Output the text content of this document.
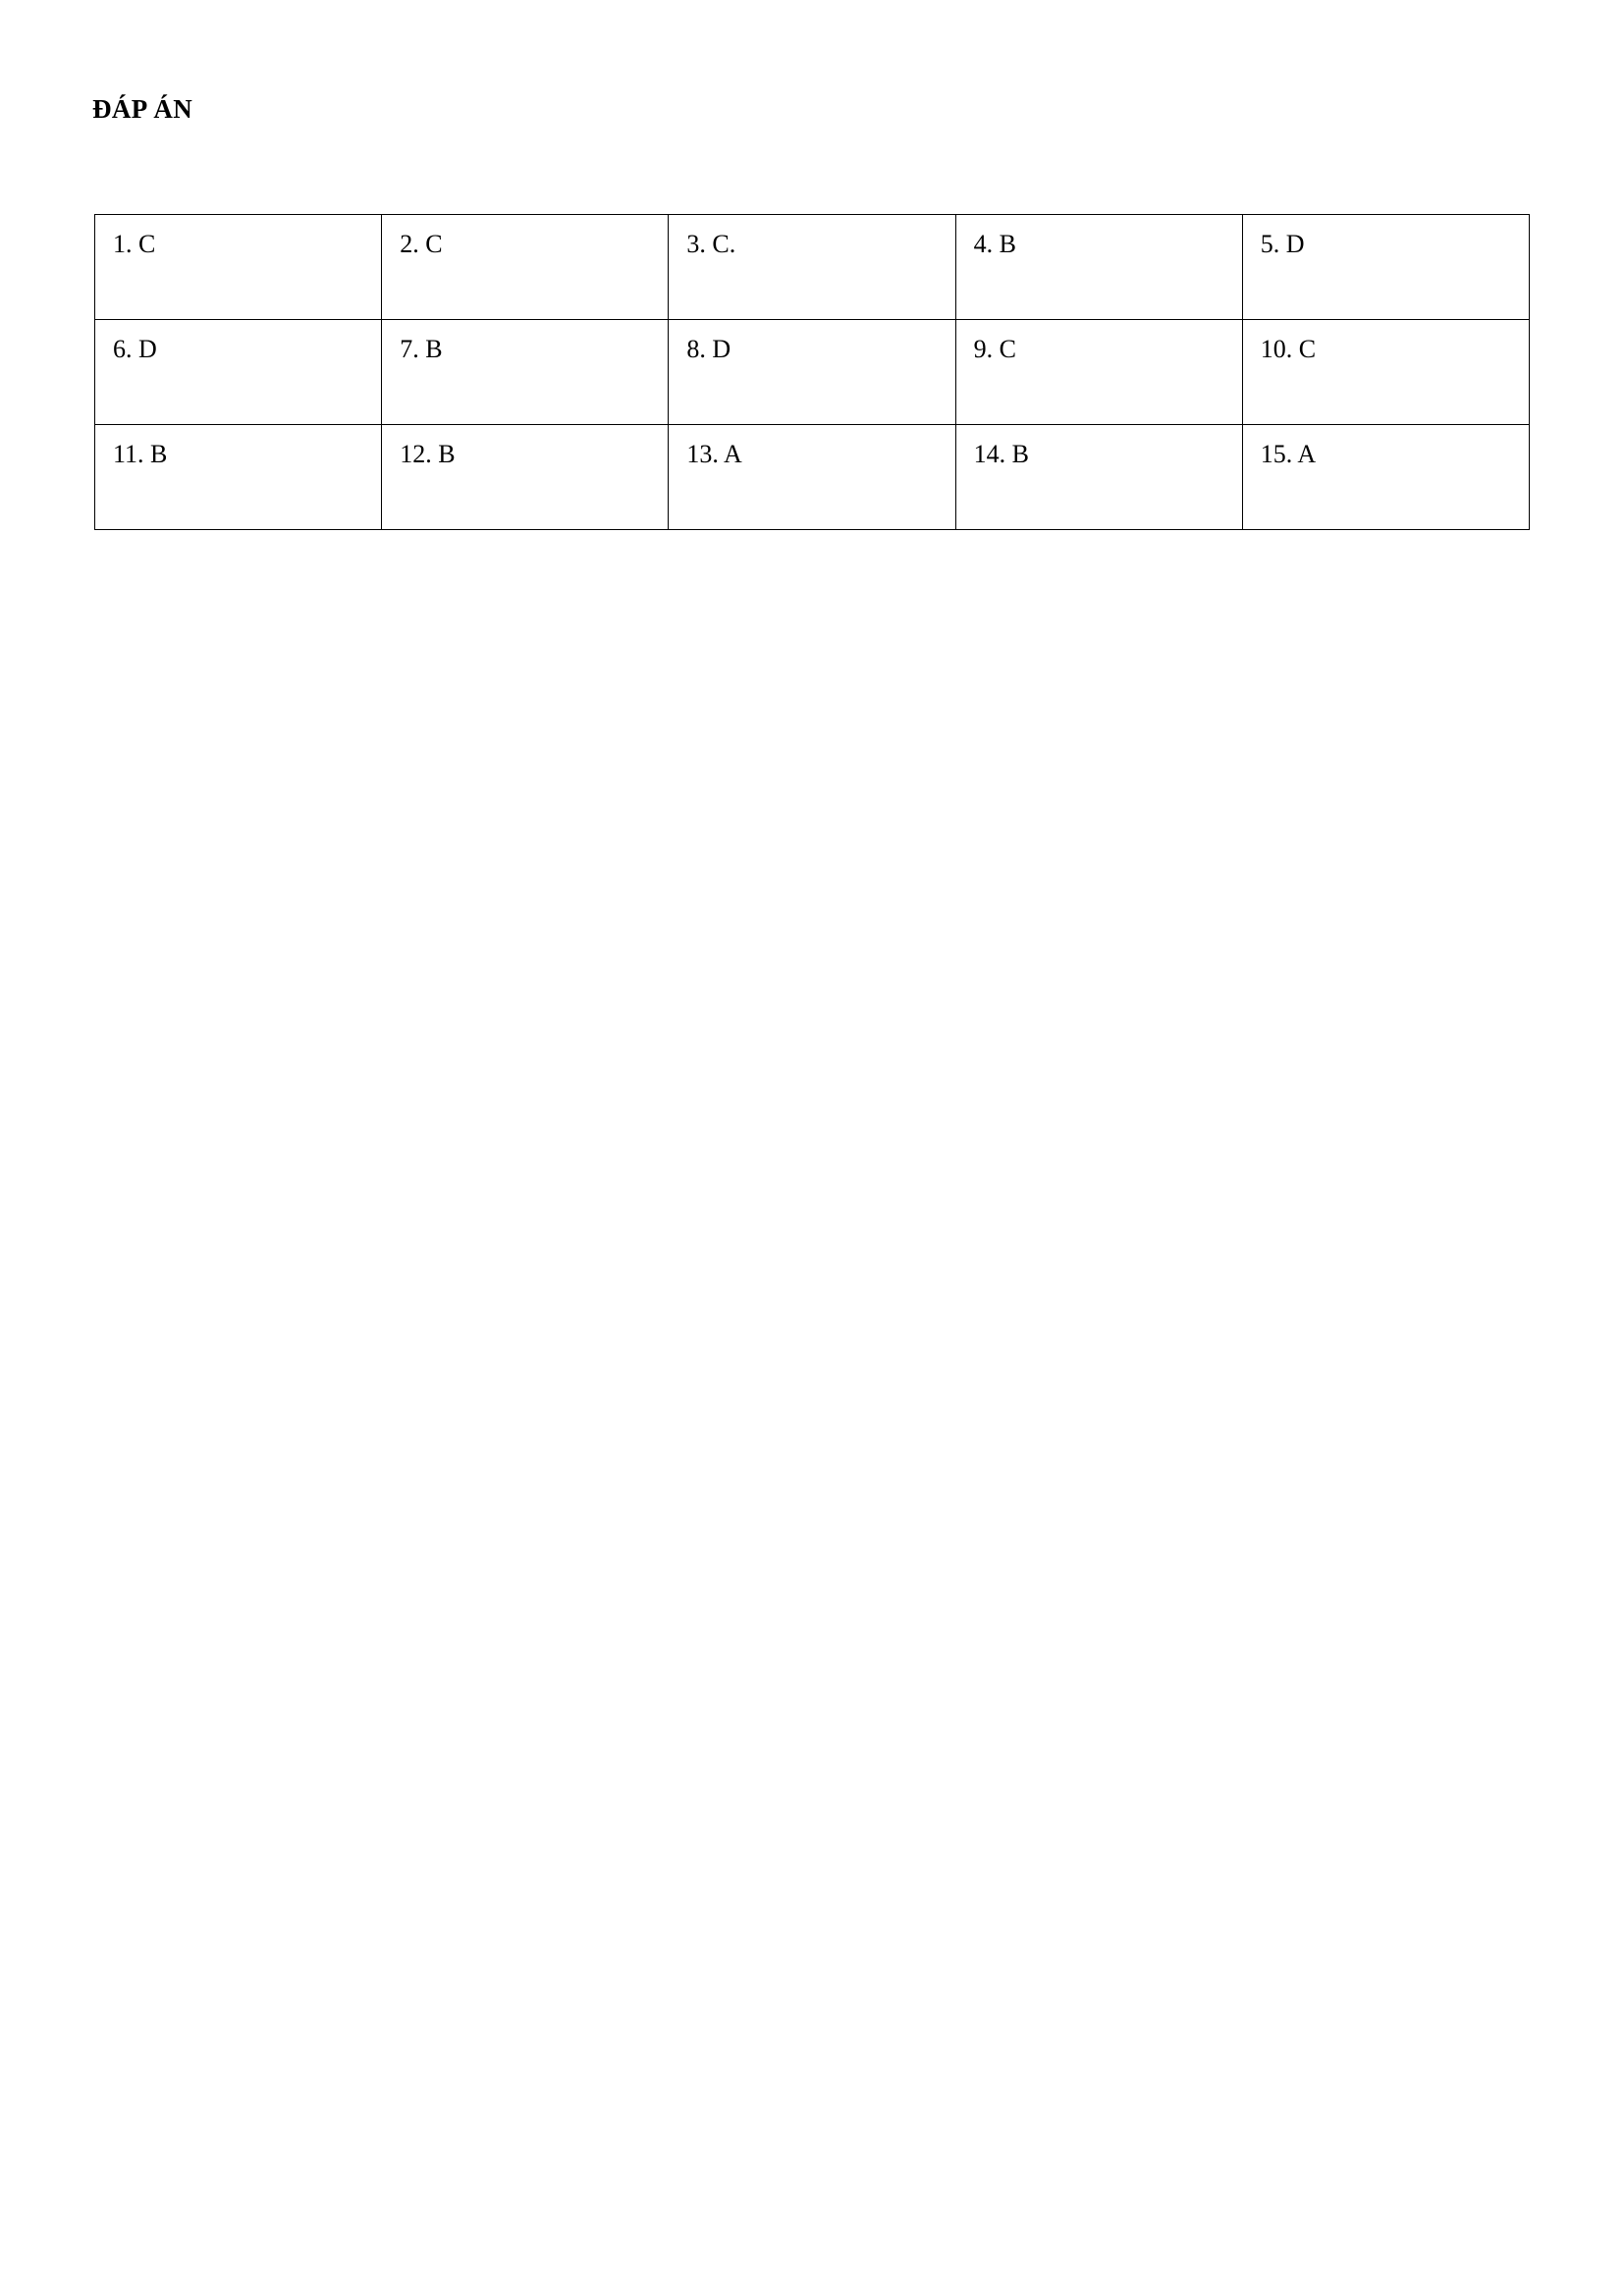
ĐÁP ÁN
1. C	2. C	3. C.	4. B	5. D
6. D	7. B	8. D	9. C	10. C
11. B	12. B	13. A	14. B	15. A
